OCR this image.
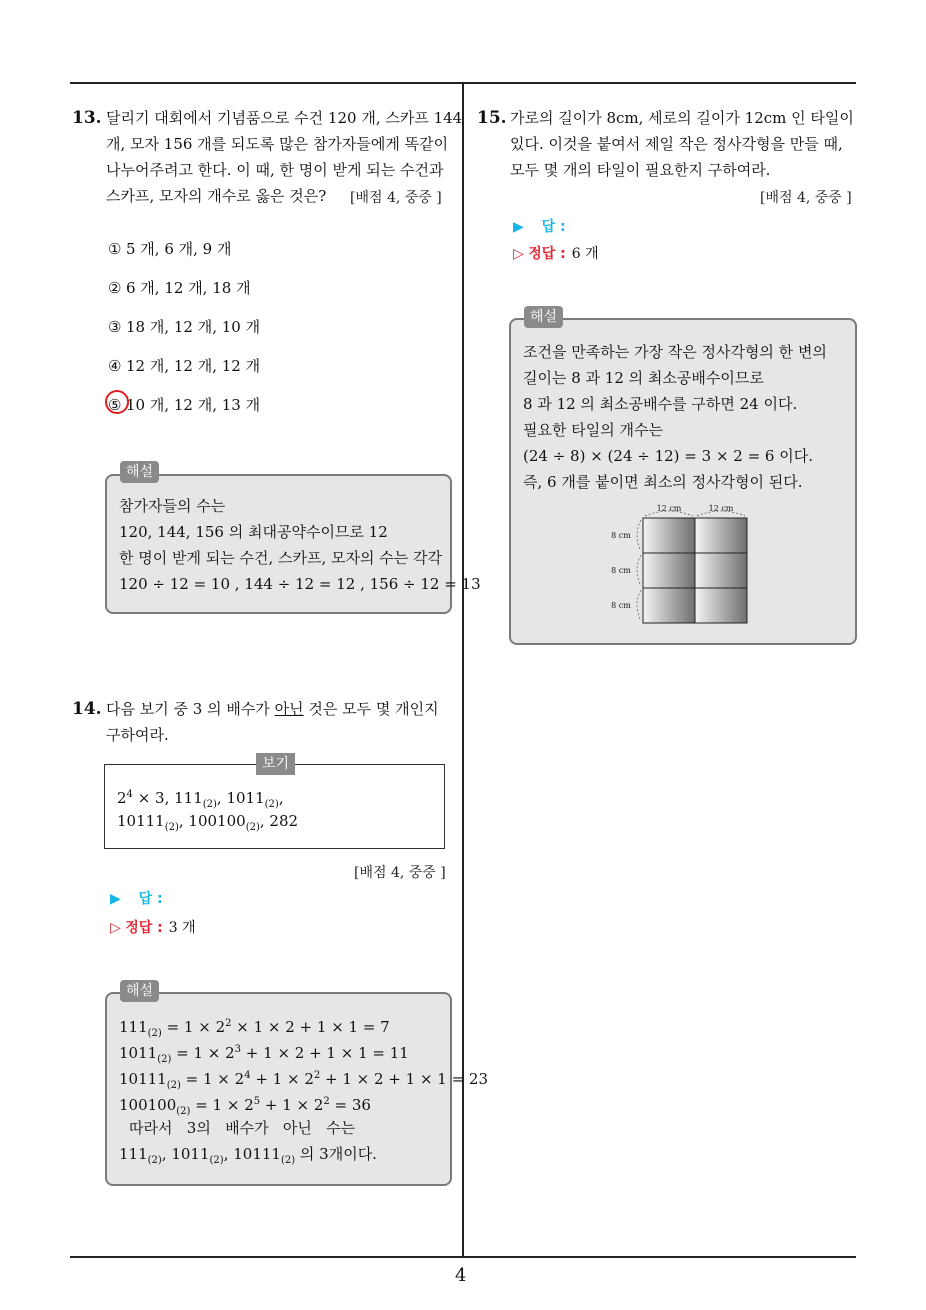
4
13. 달리기 대회에서 기념품으로 수건 120 개, 스카프 144
개, 모자 156 개를 되도록 많은 참가자들에게 똑같이
나누어주려고 한다. 이 때, 한 명이 받게 되는 수건과
스카프, 모자의 개수로 옳은 것은? [배점 4, 중중 ]
① 5 개, 6 개, 9 개
② 6 개, 12 개, 18 개
③ 18 개, 12 개, 10 개
④ 12 개, 12 개, 12 개
⑤ 10 개, 12 개, 13 개
참가자들의 수는
120, 144, 156 의 최대공약수이므로 12
한 명이 받게 되는 수건, 스카프, 모자의 수는 각각
120 ÷ 12 = 10 , 144 ÷ 12 = 12 , 156 ÷ 12 = 13
해설
14. 다음 보기 중 3 의 배수가 아닌 것은 모두 몇 개인지
구하여라.
$2^4 \times 3$, $111_{(2)}$, $1011_{(2)}$,
$10111_{(2)}$, $100100_{(2)}$, 282
보기
[배점 4, 중중 ]
▶ 답 :
▷ 정답 : 3 개
$111_{(2)} = 1 \times 2^2 \times 1 \times 2 + 1 \times 1 = 7$
$1011_{(2)} = 1 \times 2^3 + 1 \times 2 + 1 \times 1 = 11$
$10111_{(2)} = 1 \times 2^4 + 1 \times 2^2 + 1 \times 2 + 1 \times 1 = 23$
$100100_{(2)} = 1 \times 2^5 + 1 \times 2^2 = 36$
따라서   3의   배수가   아닌   수는
$111_{(2)}$, $1011_{(2)}$, $10111_{(2)}$ 의 3개이다.
해설
15. 가로의 길이가 8cm, 세로의 길이가 12cm 인 타일이
있다. 이것을 붙여서 제일 작은 정사각형을 만들 때,
모두 몇 개의 타일이 필요한지 구하여라.
[배점 4, 중중 ]
▶ 답 :
▷ 정답 : 6 개
조건을 만족하는 가장 작은 정사각형의 한 변의
길이는 8 과 12 의 최소공배수이므로
8 과 12 의 최소공배수를 구하면 24 이다.
필요한 타일의 개수는
(24 ÷ 8) × (24 ÷ 12) = 3 × 2 = 6 이다.
즉, 6 개를 붙이면 최소의 정사각형이 된다.
12 cm	12 cm
8 cm
8 cm
8 cm
해설
